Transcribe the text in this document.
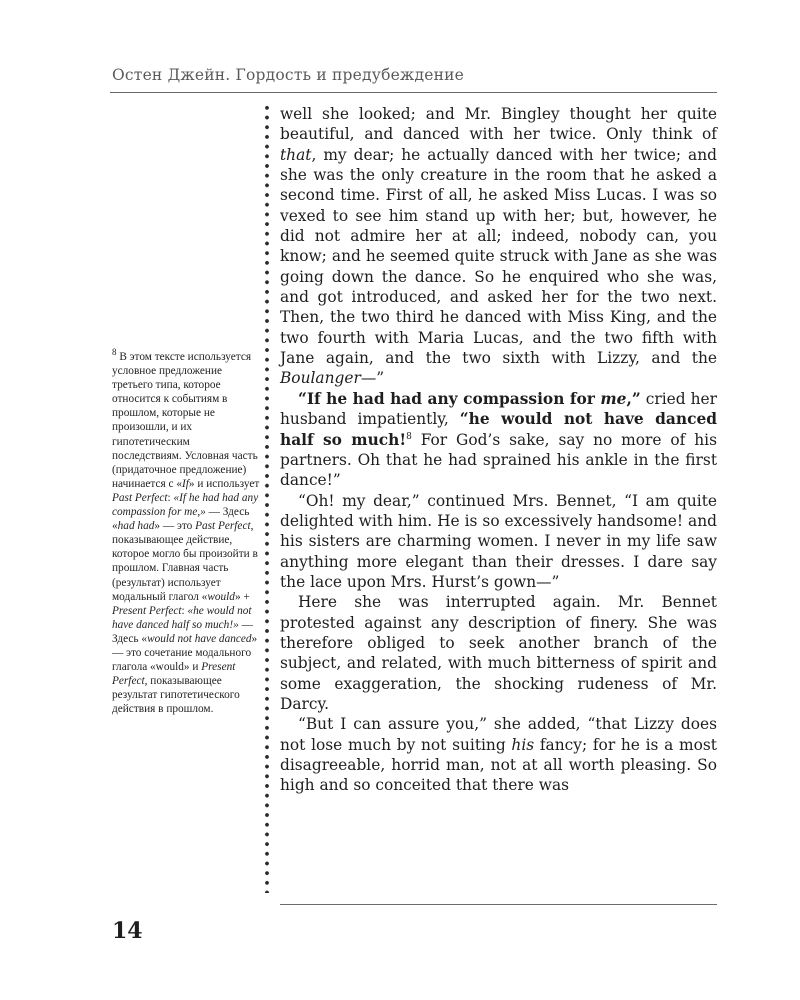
Остен Джейн. Гордость и предубеждение
well she looked; and Mr. Bingley thought her quite beautiful, and danced with her twice. Only think of that, my dear; he actually danced with her twice; and she was the only creature in the room that he asked a second time. First of all, he asked Miss Lucas. I was so vexed to see him stand up with her; but, however, he did not admire her at all; indeed, nobody can, you know; and he seemed quite struck with Jane as she was going down the dance. So he enquired who she was, and got introduced, and asked her for the two next. Then, the two third he danced with Miss King, and the two fourth with Maria Lucas, and the two fifth with Jane again, and the two sixth with Lizzy, and the Boulanger—”
“If he had had any compassion for me,” cried her husband impatiently, “he would not have danced half so much!$^8$ For God’s sake, say no more of his partners. Oh that he had sprained his ankle in the first dance!”
“Oh! my dear,” continued Mrs. Bennet, “I am quite delighted with him. He is so excessively handsome! and his sisters are charming women. I never in my life saw anything more elegant than their dresses. I dare say the lace upon Mrs. Hurst’s gown—”
Here she was interrupted again. Mr. Bennet protested against any description of finery. She was therefore obliged to seek another branch of the subject, and related, with much bitterness of spirit and some exaggeration, the shocking rudeness of Mr. Darcy.
“But I can assure you,” she added, “that Lizzy does not lose much by not suiting his fancy; for he is a most disagreeable, horrid man, not at all worth pleasing. So high and so conceited that there was
$^8$ В этом тексте используется условное предложение третьего типа, которое относится к событиям в прошлом, которые не произошли, и их гипотетическим последствиям. Условная часть (придаточное предложение) начинается с «If» и использует Past Perfect: «If he had had any compassion for me,» — Здесь «had had» — это Past Perfect, показывающее действие, которое могло бы произойти в прошлом. Главная часть (результат) использует модальный глагол «would» + Present Perfect: «he would not have danced half so much!» — Здесь «would not have danced» — это сочетание модального глагола «would» и Present Perfect, показывающее результат гипотетического действия в прошлом.
14
